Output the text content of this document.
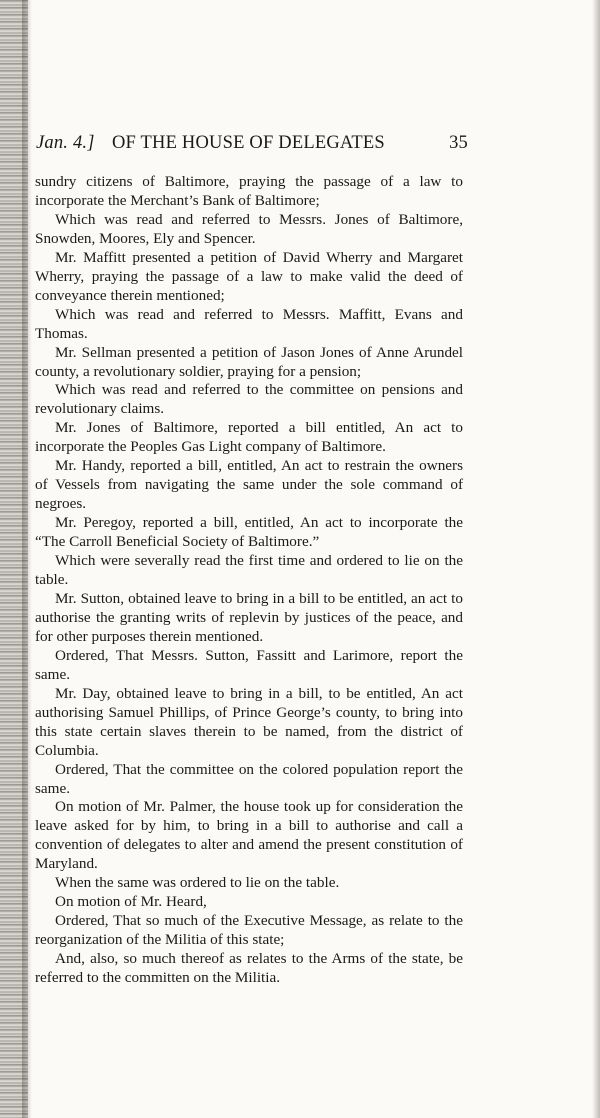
Jan. 4.] OF THE HOUSE OF DELEGATES	35

sundry citizens of Baltimore, praying the passage of a law to incorporate the Merchant’s Bank of Baltimore;

Which was read and referred to Messrs. Jones of Baltimore, Snowden, Moores, Ely and Spencer.

Mr. Maffitt presented a petition of David Wherry and Margaret Wherry, praying the passage of a law to make valid the deed of conveyance therein mentioned;

Which was read and referred to Messrs. Maffitt, Evans and Thomas.

Mr. Sellman presented a petition of Jason Jones of Anne Arundel county, a revolutionary soldier, praying for a pension;

Which was read and referred to the committee on pensions and revolutionary claims.

Mr. Jones of Baltimore, reported a bill entitled, An act to incorporate the Peoples Gas Light company of Baltimore.

Mr. Handy, reported a bill, entitled, An act to restrain the owners of Vessels from navigating the same under the sole command of negroes.

Mr. Peregoy, reported a bill, entitled, An act to incorporate the “The Carroll Beneficial Society of Baltimore.”

Which were severally read the first time and ordered to lie on the table.

Mr. Sutton, obtained leave to bring in a bill to be entitled, an act to authorise the granting writs of replevin by justices of the peace, and for other purposes therein mentioned.

Ordered, That Messrs. Sutton, Fassitt and Larimore, report the same.

Mr. Day, obtained leave to bring in a bill, to be entitled, An act authorising Samuel Phillips, of Prince George’s county, to bring into this state certain slaves therein to be named, from the district of Columbia.

Ordered, That the committee on the colored population report the same.

On motion of Mr. Palmer, the house took up for consideration the leave asked for by him, to bring in a bill to authorise and call a convention of delegates to alter and amend the present constitution of Maryland.

When the same was ordered to lie on the table.

On motion of Mr. Heard,

Ordered, That so much of the Executive Message, as relate to the reorganization of the Militia of this state;

And, also, so much thereof as relates to the Arms of the state, be referred to the committen on the Militia.
